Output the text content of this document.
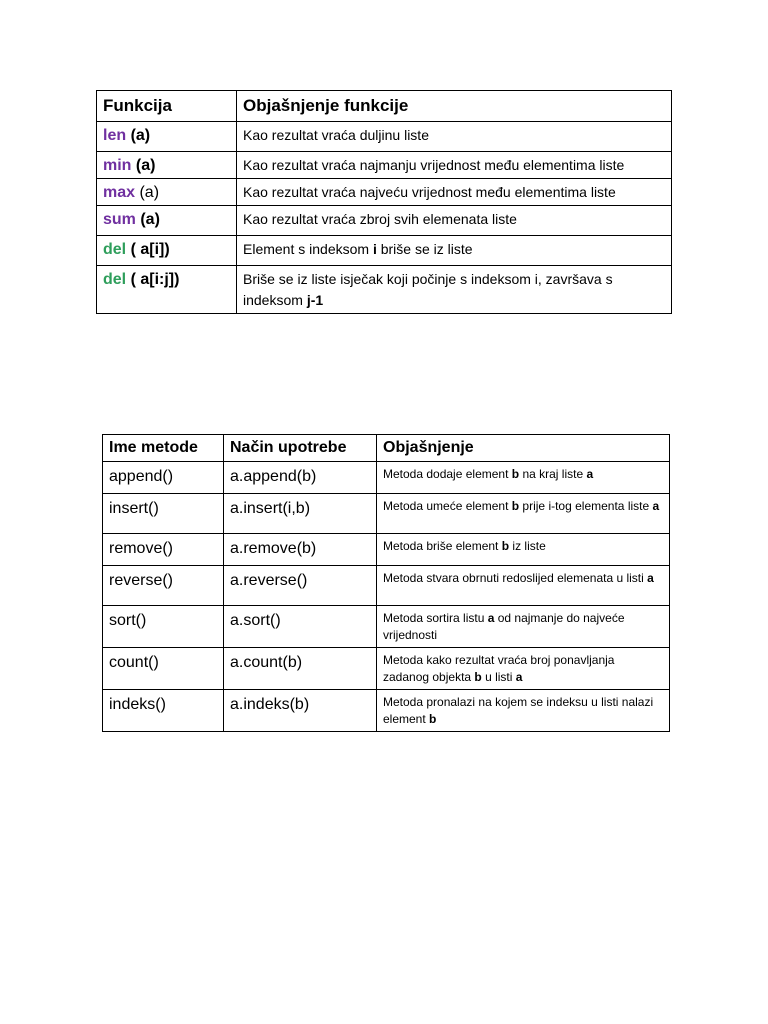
Funkcija	Objašnjenje funkcije
len (a)	Kao rezultat vraća duljinu liste
min (a)	Kao rezultat vraća najmanju vrijednost među elementima liste
max (a)	Kao rezultat vraća najveću vrijednost među elementima liste
sum (a)	Kao rezultat vraća zbroj svih elemenata liste
del ( a[i])	Element s indeksom i briše se iz liste
del ( a[i:j])	Briše se iz liste isječak koji počinje s indeksom i, završava s indeksom j-1
Ime metode	Način upotrebe	Objašnjenje
append()	a.append(b)	Metoda dodaje element b na kraj liste a
insert()	a.insert(i,b)	Metoda umeće element b prije i-tog elementa liste a
remove()	a.remove(b)	Metoda briše element b iz liste
reverse()	a.reverse()	Metoda stvara obrnuti redoslijed elemenata u listi a
sort()	a.sort()	Metoda sortira listu a od najmanje do najveće vrijednosti
count()	a.count(b)	Metoda kako rezultat vraća broj ponavljanja zadanog objekta b u listi a
indeks()	a.indeks(b)	Metoda pronalazi na kojem se indeksu u listi nalazi element b
